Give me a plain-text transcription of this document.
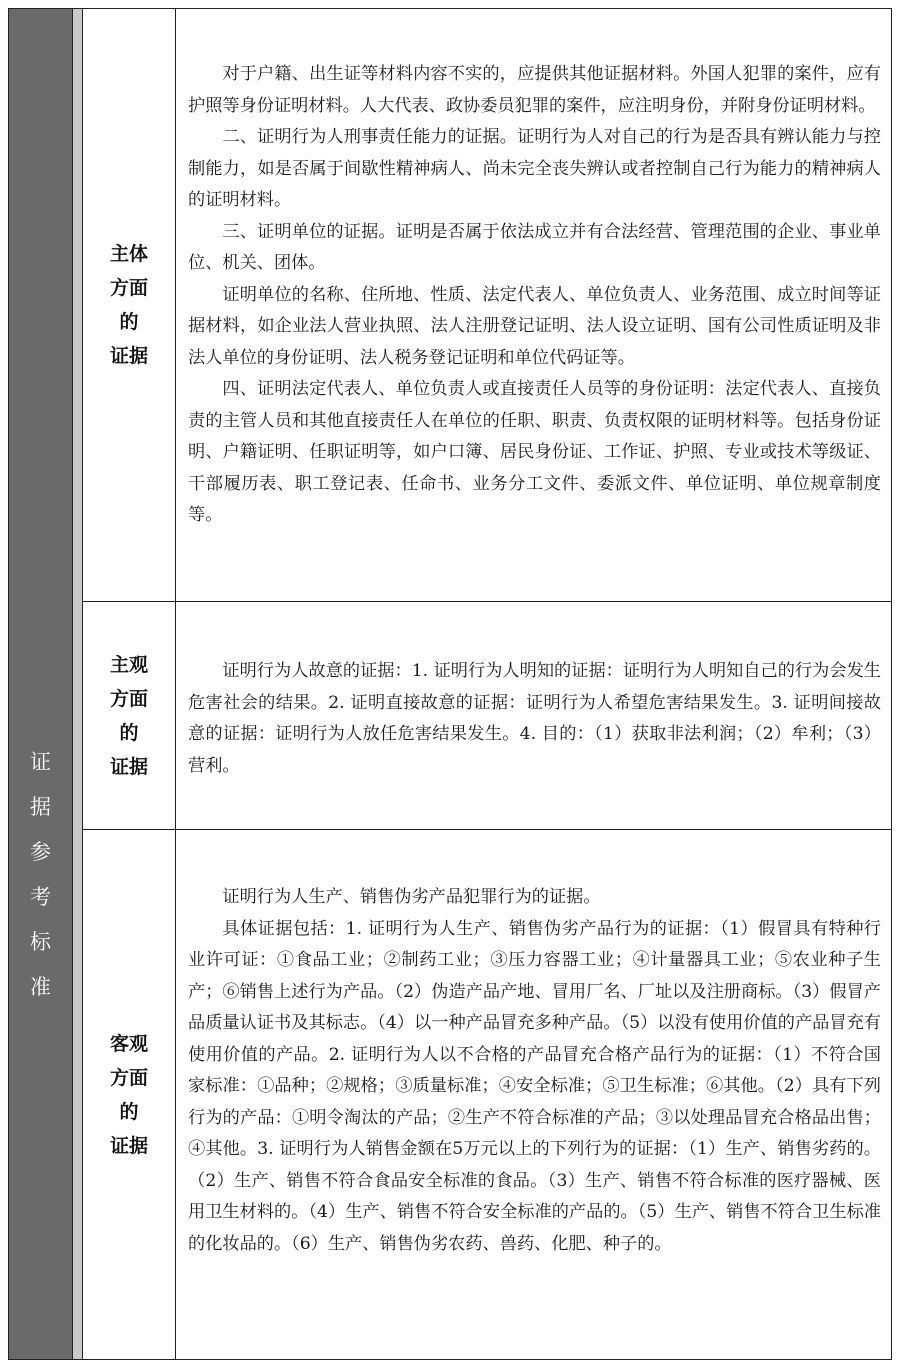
证
据
参
考
标
准
主体
方面
的
证据

对于户籍、出生证等材料内容不实的，应提供其他证据材料。外国人犯罪的案件，应有护照等身份证明材料。人大代表、政协委员犯罪的案件，应注明身份，并附身份证明材料。

二、证明行为人刑事责任能力的证据。证明行为人对自己的行为是否具有辨认能力与控制能力，如是否属于间歇性精神病人、尚未完全丧失辨认或者控制自己行为能力的精神病人的证明材料。

三、证明单位的证据。证明是否属于依法成立并有合法经营、管理范围的企业、事业单位、机关、团体。

证明单位的名称、住所地、性质、法定代表人、单位负责人、业务范围、成立时间等证据材料，如企业法人营业执照、法人注册登记证明、法人设立证明、国有公司性质证明及非法人单位的身份证明、法人税务登记证明和单位代码证等。

四、证明法定代表人、单位负责人或直接责任人员等的身份证明：法定代表人、直接负责的主管人员和其他直接责任人在单位的任职、职责、负责权限的证明材料等。包括身份证明、户籍证明、任职证明等，如户口簿、居民身份证、工作证、护照、专业或技术等级证、干部履历表、职工登记表、任命书、业务分工文件、委派文件、单位证明、单位规章制度等。

主观
方面
的
证据

证明行为人故意的证据：1. 证明行为人明知的证据：证明行为人明知自己的行为会发生危害社会的结果。2. 证明直接故意的证据：证明行为人希望危害结果发生。3. 证明间接故意的证据：证明行为人放任危害结果发生。4. 目的：（1）获取非法利润；（2）牟利；（3）营利。

客观
方面
的
证据

证明行为人生产、销售伪劣产品犯罪行为的证据。

具体证据包括：1. 证明行为人生产、销售伪劣产品行为的证据：（1）假冒具有特种行业许可证：①食品工业；②制药工业；③压力容器工业；④计量器具工业；⑤农业种子生产；⑥销售上述行为产品。（2）伪造产品产地、冒用厂名、厂址以及注册商标。（3）假冒产品质量认证书及其标志。（4）以一种产品冒充多种产品。（5）以没有使用价值的产品冒充有使用价值的产品。2. 证明行为人以不合格的产品冒充合格产品行为的证据：（1）不符合国家标准：①品种；②规格；③质量标准；④安全标准；⑤卫生标准；⑥其他。（2）具有下列行为的产品：①明令淘汰的产品；②生产不符合标准的产品；③以处理品冒充合格品出售；④其他。3. 证明行为人销售金额在5万元以上的下列行为的证据：（1）生产、销售劣药的。（2）生产、销售不符合食品安全标准的食品。（3）生产、销售不符合标准的医疗器械、医用卫生材料的。（4）生产、销售不符合安全标准的产品的。（5）生产、销售不符合卫生标准的化妆品的。（6）生产、销售伪劣农药、兽药、化肥、种子的。
